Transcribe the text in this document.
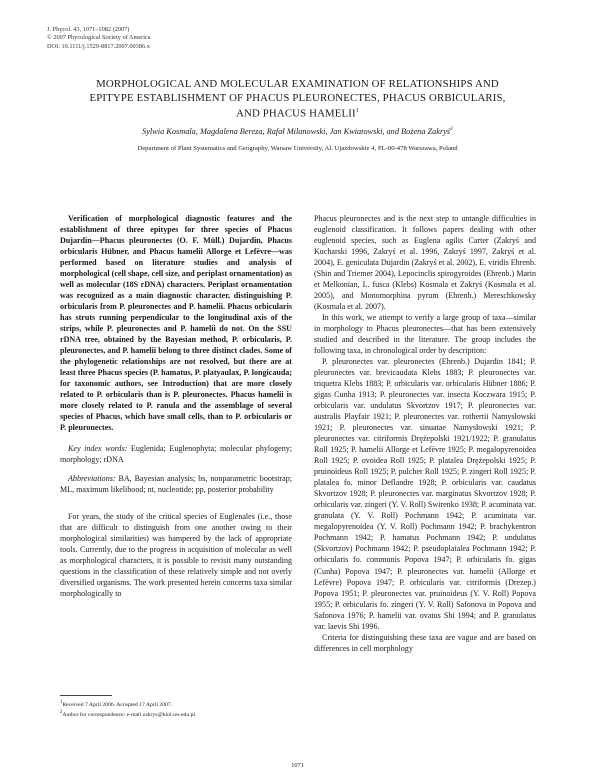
J. Phycol. 43, 1071–1082 (2007)
© 2007 Phycological Society of America
DOI: 10.1111/j.1529-8817.2007.00386.x
MORPHOLOGICAL AND MOLECULAR EXAMINATION OF RELATIONSHIPS AND
EPITYPE ESTABLISHMENT OF PHACUS PLEURONECTES, PHACUS ORBICULARIS,
AND PHACUS HAMELII$^1$
Sylwia Kosmala, Magdalena Bereza, Rafał Milanowski, Jan Kwiatowski, and Bożena Zakryś$^2$
Department of Plant Systematics and Geography, Warsaw University, Al. Ujazdowskie 4, PL-00-478 Warszawa, Poland

Verification of morphological diagnostic features and the establishment of three epitypes for three species of Phacus Dujardin—Phacus pleuronectes (O. F. Müll.) Dujardin, Phacus orbicularis Hübner, and Phacus hamelii Allorge et Lefèvre—was performed based on literature studies and analysis of morphological (cell shape, cell size, and periplast ornamentation) as well as molecular (18S rDNA) characters. Periplast ornamentation was recognized as a main diagnostic character, distinguishing P. orbicularis from P. pleuronectes and P. hamelii. Phacus orbicularis has struts running perpendicular to the longitudinal axis of the strips, while P. pleuronectes and P. hamelii do not. On the SSU rDNA tree, obtained by the Bayesian method, P. orbicularis, P. pleuronectes, and P. hamelii belong to three distinct clades. Some of the phylogenetic relationships are not resolved, but there are at least three Phacus species (P. hamatus, P. platyaulax, P. longicauda; for taxonomic authors, see Introduction) that are more closely related to P. orbicularis than is P. pleuronectes. Phacus hamelii is more closely related to P. ranula and the assemblage of several species of Phacus, which have small cells, than to P. orbicularis or P. pleuronectes.

Key index words: Euglenida; Euglenophyta; molecular phylogeny; morphology; rDNA

Abbreviations: BA, Bayesian analysis; bs, nonparametric bootstrap; ML, maximum likelihood; nt, nucleotide; pp, posterior probability

For years, the study of the critical species of Euglenales (i.e., those that are difficult to distinguish from one another owing to their morphological similarities) was hampered by the lack of appropriate tools. Currently, due to the progress in acquisition of molecular as well as morphological characters, it is possible to revisit many outstanding questions in the classification of these relatively simple and not overly diversified organisms. The work presented herein concerns taxa similar morphologically to

Phacus pleuronectes and is the next step to untangle difficulties in euglenoid classification. It follows papers dealing with other euglenoid species, such as Euglena agilis Carter (Zakryś and Kucharski 1996, Zakryś et al. 1996, Zakryś 1997, Zakryś et al. 2004), E. geniculata Dujardin (Zakryś et al. 2002), E. viridis Ehrenb. (Shin and Triemer 2004), Lepocinclis spirogyroides (Ehrenb.) Marin et Melkonian, L. fusca (Klebs) Kosmala et Zakryś (Kosmala et al. 2005), and Monomorphina pyrum (Ehrenb.) Mereschkowsky (Kosmala et al. 2007).

In this work, we attempt to verify a large group of taxa—similar in morphology to Phacus pleuronectes—that has been extensively studied and described in the literature. The group includes the following taxa, in chronological order by description:

P. pleuronectes var. pleuronectes (Ehrenb.) Dujardin 1841; P. pleuronectes var. brevicaudata Klebs 1883; P. pleuronectes var. triquetra Klebs 1883; P. orbicularis var. orbicularis Hübner 1886; P. gigas Cunha 1913; P. pleuronectes var. insecta Koczwara 1915; P. orbicularis var. undulatus Skvortzov 1917; P. pleuronectes var. australis Playfair 1921; P. pleuronectes var. rothertii Namysłowski 1921; P. pleuronectes var. sinuatae Namysłowski 1921; P. pleuronectes var. citriformis Drężepolski 1921/1922; P. granulatus Roll 1925; P. hamelii Allorge et Lefèvre 1925; P. megalopyrenoidea Roll 1925; P. ovoidea Roll 1925; P. platalea Drężepolski 1925; P. pruinoideus Roll 1925; P. pulcher Roll 1925; P. zingeri Roll 1925; P. platalea fo. minor Deflandre 1928; P. orbicularis var. caudatus Skvortzov 1928; P. pleuronectes var. marginatus Skvortzov 1928; P. orbicularis var. zingeri (Y. V. Roll) Swirenko 1938; P. acuminata var. granulata (Y. V. Roll) Pochmann 1942; P. acuminata var. megalopyrenoidea (Y. V. Roll) Pochmann 1942; P. brachykentron Pochmann 1942; P. hamatus Pochmann 1942; P. undulatus (Skvortzov) Pochmann 1942; P. pseudoplatalea Pochmann 1942; P. orbicularis fo. communis Popova 1947; P. orbicularis fo. gigas (Cunha) Popova 1947; P. pleuronectes var. hamelii (Allorge et Lefèvre) Popova 1947; P. orbicularis var. citriformis (Drezep.) Popova 1951; P. pleuronectes var. pruinoideus (Y. V. Roll) Popova 1955; P. orbicularis fo. zingeri (Y. V. Roll) Safonova in Popova and Safonova 1976; P. hamelii var. ovatus Shi 1994; and P. granulatus var. laevis Shi 1996.

Criteria for distinguishing these taxa are vague and are based on differences in cell morphology

$^1$Received 7 April 2006. Accepted 17 April 2007.
$^2$Author for correspondence: e-mail zakrys@biol.uw.edu.pl.
1071
